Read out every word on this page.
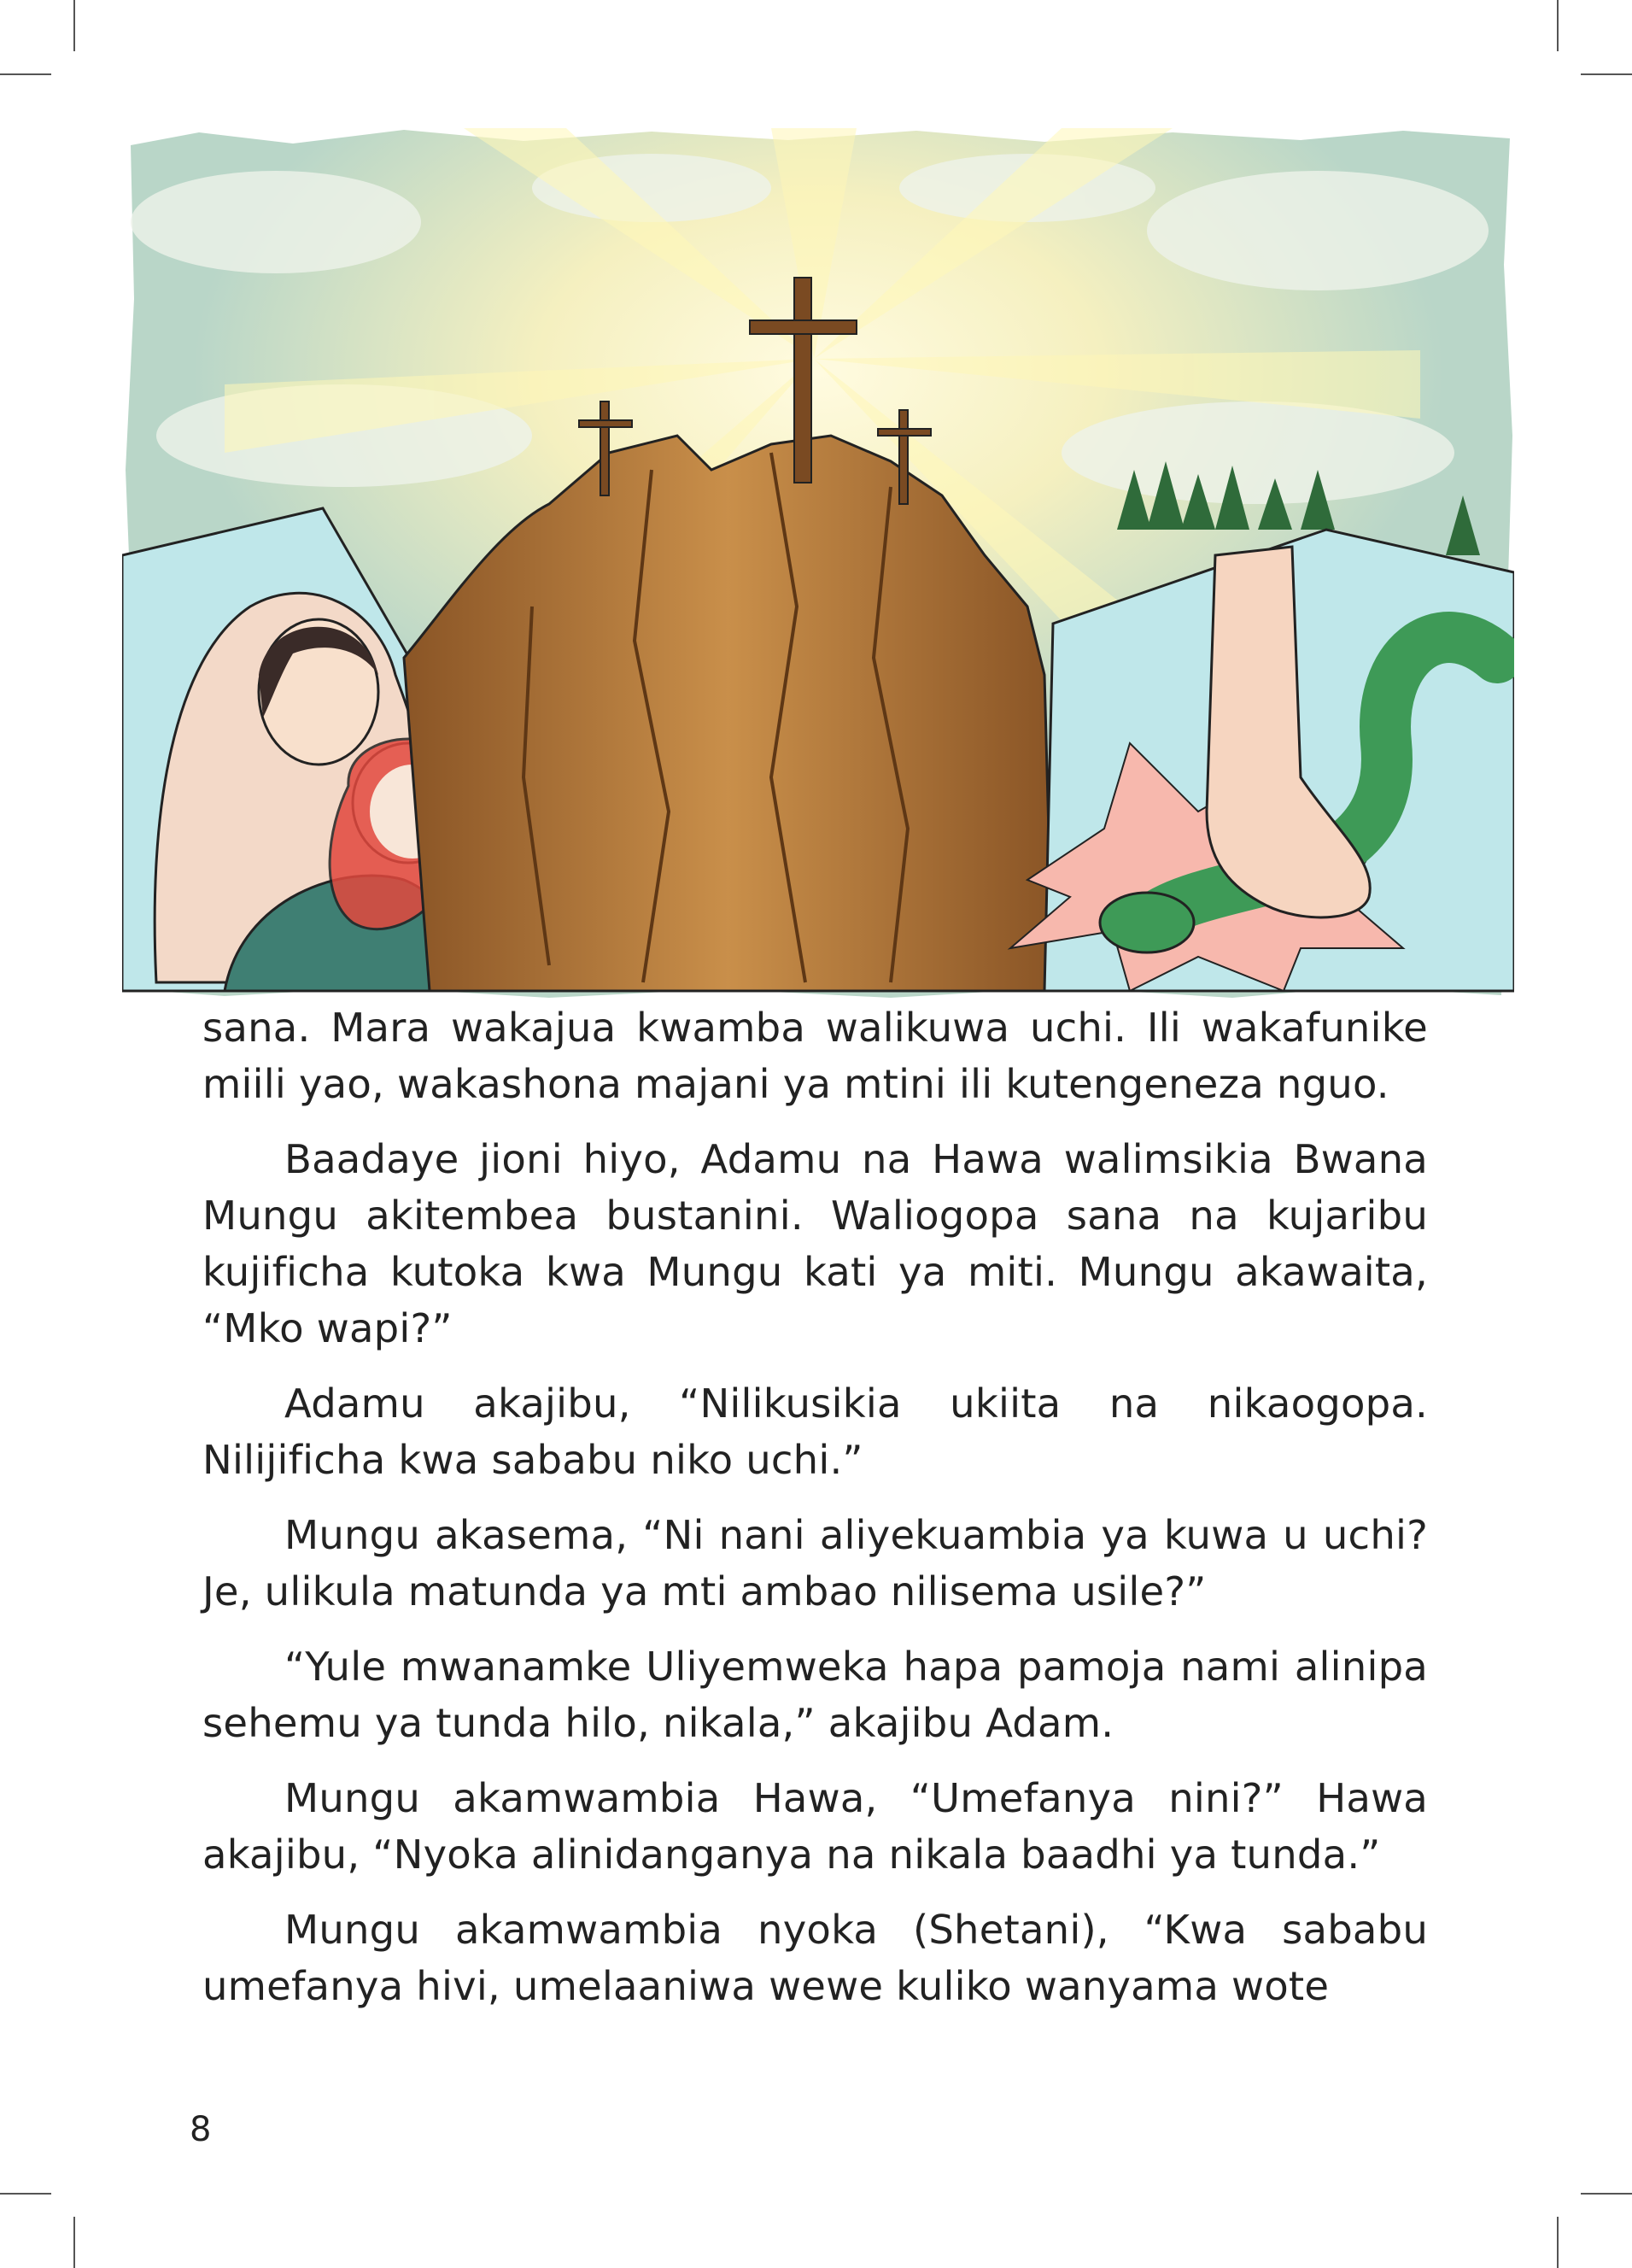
sana. Mara wakajua kwamba walikuwa uchi. Ili wakafunike miili yao, wakashona majani ya mtini ili kutengeneza nguo.

Baadaye jioni hiyo, Adamu na Hawa walimsikia Bwana Mungu akitembea bustanini. Waliogopa sana na kujaribu kujificha kutoka kwa Mungu kati ya miti. Mungu akawaita, “Mko wapi?”

Adamu akajibu, “Nilikusikia ukiita na nikaogopa. Nilijificha kwa sababu niko uchi.”

Mungu akasema, “Ni nani aliyekuambia ya kuwa u uchi? Je, ulikula matunda ya mti ambao nilisema usile?”

“Yule mwanamke Uliyemweka hapa pamoja nami alinipa sehemu ya tunda hilo, nikala,” akajibu Adam.

Mungu akamwambia Hawa, “Umefanya nini?” Hawa akajibu, “Nyoka alinidanganya na nikala baadhi ya tunda.”

Mungu akamwambia nyoka (Shetani), “Kwa sababu umefanya hivi, umelaaniwa wewe kuliko wanyama wote

8
